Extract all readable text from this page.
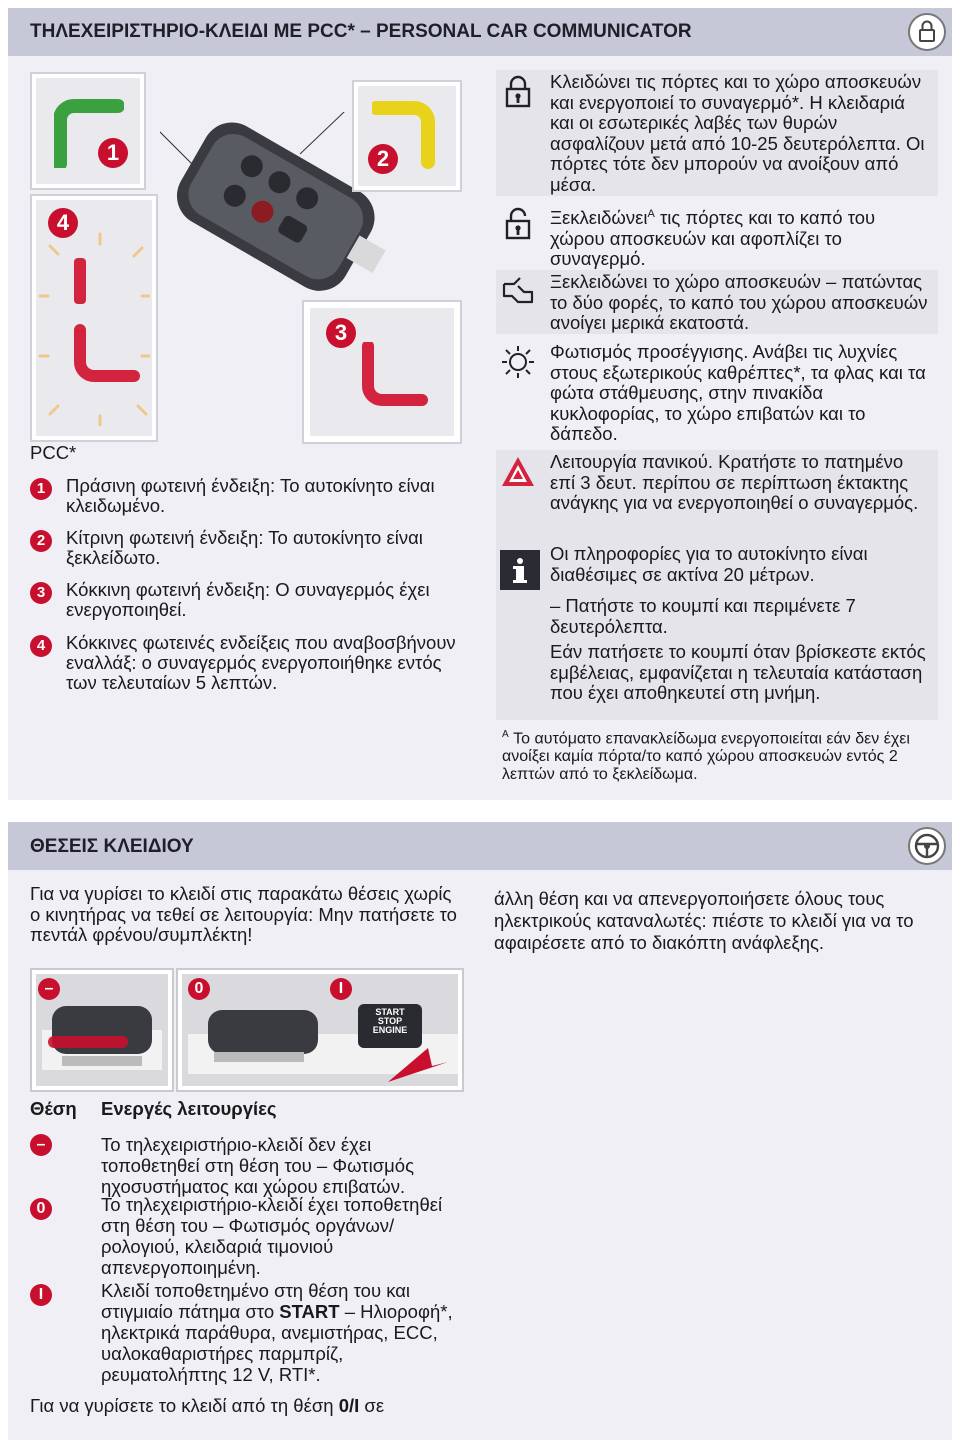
ΤΗΛΕΧΕΙΡΙΣΤΗΡΙΟ-ΚΛΕΙΔΙ ΜΕ PCC* – PERSONAL CAR COMMUNICATOR
1
4
2
3
PCC*
1	Πράσινη φωτεινή ένδειξη: Το αυτοκίνητο είναι κλειδωμένο.
2	Κίτρινη φωτεινή ένδειξη: Το αυτοκίνητο είναι ξεκλείδωτο.
3	Κόκκινη φωτεινή ένδειξη: Ο συναγερμός έχει ενεργοποιηθεί.
4	Κόκκινες φωτεινές ενδείξεις που αναβοσβήνουν εναλλάξ: ο συναγερμός ενεργοποιήθηκε εντός των τελευταίων 5 λεπτών.
Κλειδώνει τις πόρτες και το χώρο αποσκευών και ενεργοποιεί το συναγερμό*. Η κλειδαριά και οι εσωτερικές λαβές των θυρών ασφαλίζουν μετά από 10-25 δευτερόλεπτα. Οι πόρτες τότε δεν μπορούν να ανοίξουν από μέσα.
Ξεκλειδώνει$^A$ τις πόρτες και το καπό του χώρου αποσκευών και αφοπλίζει το συναγερμό.
Ξεκλειδώνει το χώρο αποσκευών – πατώντας το δύο φορές, το καπό του χώρου αποσκευών ανοίγει μερικά εκατοστά.
Φωτισμός προσέγγισης. Ανάβει τις λυχνίες στους εξωτερικούς καθρέπτες*, τα φλας και τα φώτα στάθμευσης, στην πινακίδα κυκλοφορίας, το χώρο επιβατών και το δάπεδο.
Λειτουργία πανικού. Κρατήστε το πατημένο επί 3 δευτ. περίπου σε περίπτωση έκτακτης ανάγκης για να ενεργοποιηθεί ο συναγερμός.
Οι πληροφορίες για το αυτοκίνητο είναι διαθέσιμες σε ακτίνα 20 μέτρων.
– Πατήστε το κουμπί και περιμένετε 7 δευτερόλεπτα.
Εάν πατήσετε το κουμπί όταν βρίσκεστε εκτός εμβέλειας, εμφανίζεται η τελευταία κατάσταση που έχει αποθηκευτεί στη μνήμη.
$^A$ Το αυτόματο επανακλείδωμα ενεργοποιείται εάν δεν έχει ανοίξει καμία πόρτα/το καπό χώρου αποσκευών εντός 2 λεπτών από το ξεκλείδωμα.
ΘΕΣΕΙΣ ΚΛΕΙΔΙΟΥ
Για να γυρίσει το κλειδί στις παρακάτω θέσεις χωρίς ο κινητήρας να τεθεί σε λειτουργία: Μην πατήσετε το πεντάλ φρένου/συμπλέκτη!
άλλη θέση και να απενεργοποιήσετε όλους τους ηλεκτρικούς καταναλωτές: πιέστε το κλειδί για να το αφαιρέσετε από το διακόπτη ανάφλεξης.
–
START
STOP
ENGINE
0	I
Θέση Ενεργές λειτουργίες
–	Το τηλεχειριστήριο-κλειδί δεν έχει τοποθετηθεί στη θέση του – Φωτισμός ηχοσυστήματος και χώρου επιβατών.
0	Το τηλεχειριστήριο-κλειδί έχει τοποθετηθεί στη θέση του – Φωτισμός οργάνων/ρολογιού, κλειδαριά τιμονιού απενεργοποιημένη.
I	Κλειδί τοποθετημένο στη θέση του και στιγμιαίο πάτημα στο START – Ηλιοροφή*, ηλεκτρικά παράθυρα, ανεμιστήρας, ECC, υαλοκαθαριστήρες παρμπρίζ, ρευματολήπτης 12 V, RTI*.
Για να γυρίσετε το κλειδί από τη θέση 0/I σε
